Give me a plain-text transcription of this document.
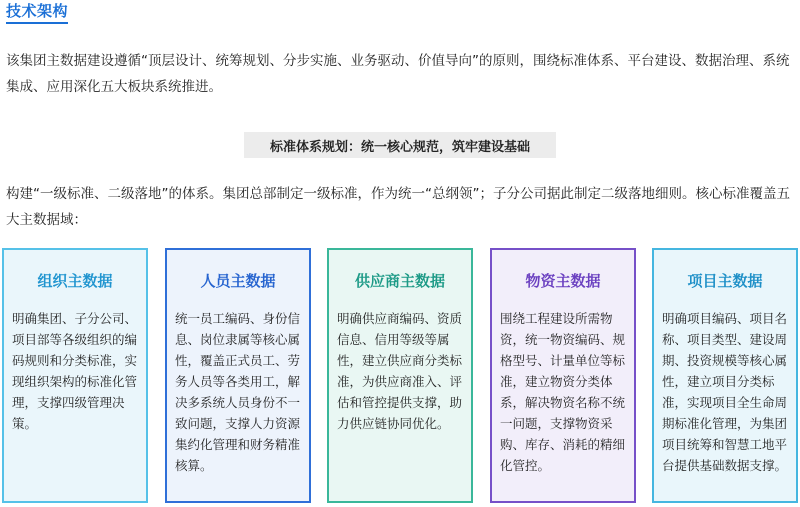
技术架构
该集团主数据建设遵循“顶层设计、统筹规划、分步实施、业务驱动、价值导向”的原则，围绕标准体系、平台建设、数据治理、系统集成、应用深化五大板块系统推进。
标准体系规划：统一核心规范，筑牢建设基础
构建“一级标准、二级落地”的体系。集团总部制定一级标准，作为统一“总纲领”；子分公司据此制定二级落地细则。核心标准覆盖五大主数据域：
组织主数据
明确集团、子分公司、项目部等各级组织的编码规则和分类标准，实现组织架构的标准化管理，支撑四级管理决策。
人员主数据
统一员工编码、身份信息、岗位隶属等核心属性，覆盖正式员工、劳务人员等各类用工，解决多系统人员身份不一致问题，支撑人力资源集约化管理和财务精准核算。
供应商主数据
明确供应商编码、资质信息、信用等级等属性，建立供应商分类标准，为供应商准入、评估和管控提供支撑，助力供应链协同优化。
物资主数据
围绕工程建设所需物资，统一物资编码、规格型号、计量单位等标准，建立物资分类体系，解决物资名称不统一问题，支撑物资采购、库存、消耗的精细化管控。
项目主数据
明确项目编码、项目名称、项目类型、建设周期、投资规模等核心属性，建立项目分类标准，实现项目全生命周期标准化管理，为集团项目统筹和智慧工地平台提供基础数据支撑。
